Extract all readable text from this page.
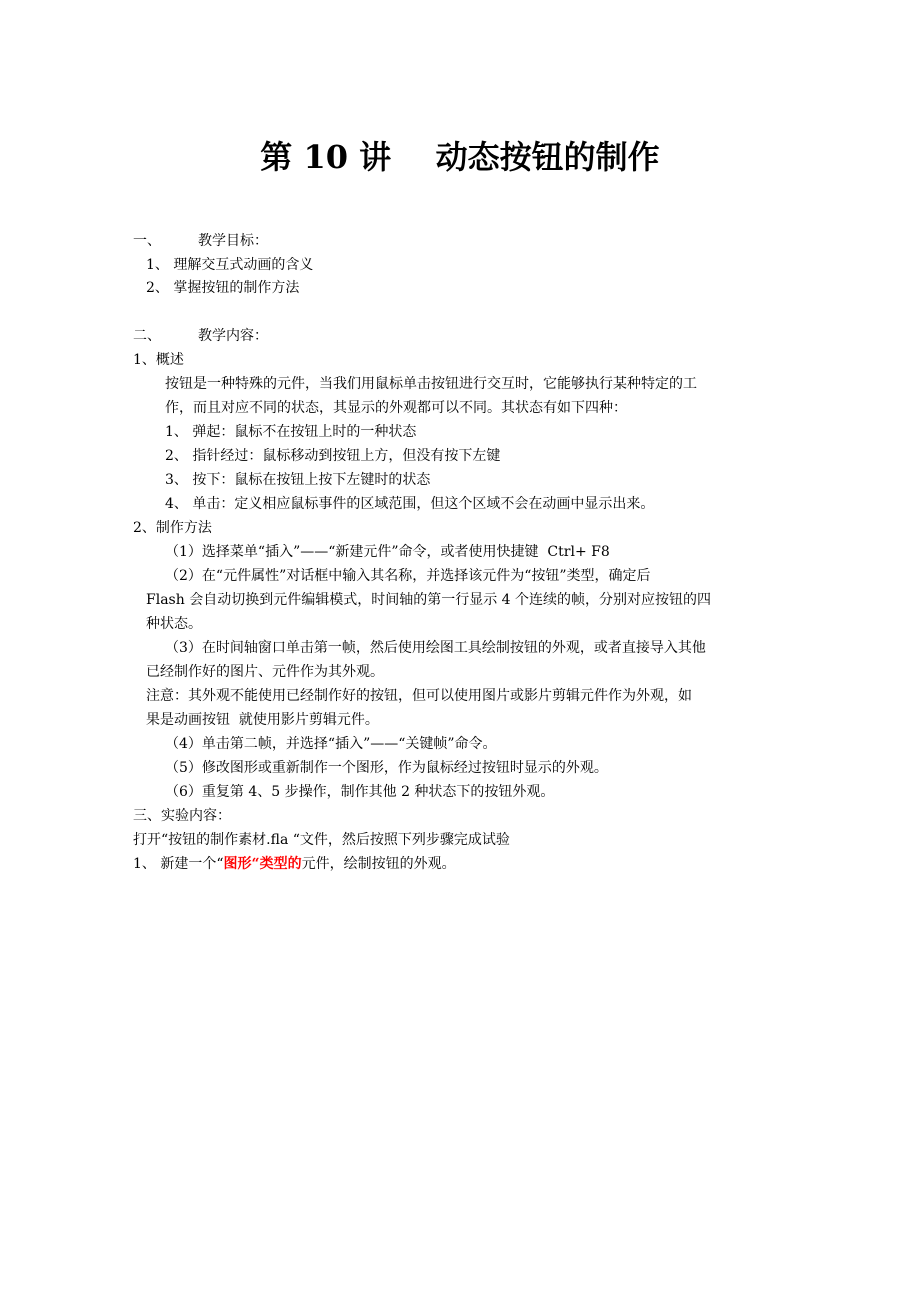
第 10 讲    动态按钮的制作
一、	教学目标：
1、 理解交互式动画的含义
2、 掌握按钮的制作方法
二、	教学内容：
1、概述
按钮是一种特殊的元件，当我们用鼠标单击按钮进行交互时，它能够执行某种特定的工
作，而且对应不同的状态，其显示的外观都可以不同。其状态有如下四种：
1、 弹起：鼠标不在按钮上时的一种状态
2、 指针经过：鼠标移动到按钮上方，但没有按下左键
3、 按下：鼠标在按钮上按下左键时的状态
4、 单击：定义相应鼠标事件的区域范围，但这个区域不会在动画中显示出来。
2、制作方法
（1）选择菜单“插入”——“新建元件”命令，或者使用快捷键  Ctrl+ F8
（2）在“元件属性”对话框中输入其名称，并选择该元件为“按钮”类型，确定后
Flash 会自动切换到元件编辑模式，时间轴的第一行显示 4 个连续的帧，分别对应按钮的四
种状态。
（3）在时间轴窗口单击第一帧，然后使用绘图工具绘制按钮的外观，或者直接导入其他
已经制作好的图片、元件作为其外观。
注意：其外观不能使用已经制作好的按钮，但可以使用图片或影片剪辑元件作为外观，如
果是动画按钮  就使用影片剪辑元件。
（4）单击第二帧，并选择“插入”——“关键帧”命令。
（5）修改图形或重新制作一个图形，作为鼠标经过按钮时显示的外观。
（6）重复第 4、5 步操作，制作其他 2 种状态下的按钮外观。
三、实验内容：
打开“按钮的制作素材.fla “文件，然后按照下列步骤完成试验
1、 新建一个“图形“类型的元件，绘制按钮的外观。
